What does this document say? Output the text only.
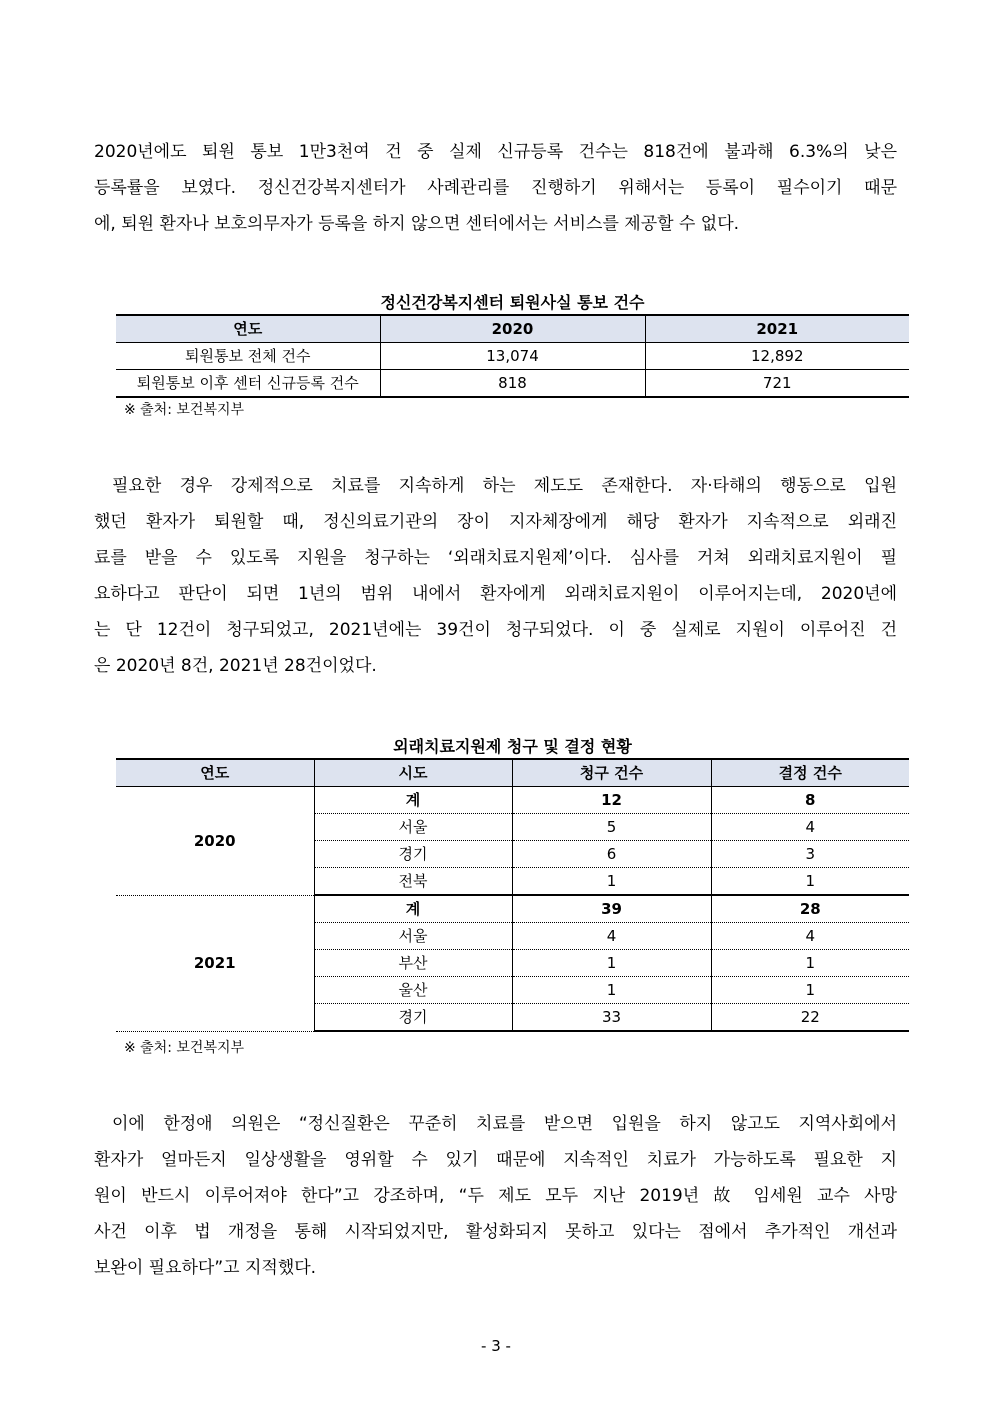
2020년에도 퇴원 통보 1만3천여 건 중 실제 신규등록 건수는 818건에 불과해 6.3%의 낮은
등록률을 보였다. 정신건강복지센터가 사례관리를 진행하기 위해서는 등록이 필수이기 때문
에, 퇴원 환자나 보호의무자가 등록을 하지 않으면 센터에서는 서비스를 제공할 수 없다.
정신건강복지센터 퇴원사실 통보 건수
연도	2020	2021
퇴원통보 전체 건수	13,074	12,892
퇴원통보 이후 센터 신규등록 건수	818	721
※ 출처: 보건복지부
필요한 경우 강제적으로 치료를 지속하게 하는 제도도 존재한다. 자·타해의 행동으로 입원
했던 환자가 퇴원할 때, 정신의료기관의 장이 지자체장에게 해당 환자가 지속적으로 외래진
료를 받을 수 있도록 지원을 청구하는 ‘외래치료지원제’이다. 심사를 거쳐 외래치료지원이 필
요하다고 판단이 되면 1년의 범위 내에서 환자에게 외래치료지원이 이루어지는데, 2020년에
는 단 12건이 청구되었고, 2021년에는 39건이 청구되었다. 이 중 실제로 지원이 이루어진 건
은 2020년 8건, 2021년 28건이었다.
외래치료지원제 청구 및 결정 현황
연도	시도	청구 건수	결정 건수
2020	계	12	8
	서울	5	4
	경기	6	3
	전북	1	1
2021	계	39	28
	서울	4	4
	부산	1	1
	울산	1	1
	경기	33	22
※ 출처: 보건복지부
이에 한정애 의원은 “정신질환은 꾸준히 치료를 받으면 입원을 하지 않고도 지역사회에서
환자가 얼마든지 일상생활을 영위할 수 있기 때문에 지속적인 치료가 가능하도록 필요한 지
원이 반드시 이루어져야 한다”고 강조하며, “두 제도 모두 지난 2019년 故 임세원 교수 사망
사건 이후 법 개정을 통해 시작되었지만, 활성화되지 못하고 있다는 점에서 추가적인 개선과
보완이 필요하다”고 지적했다.
- 3 -
